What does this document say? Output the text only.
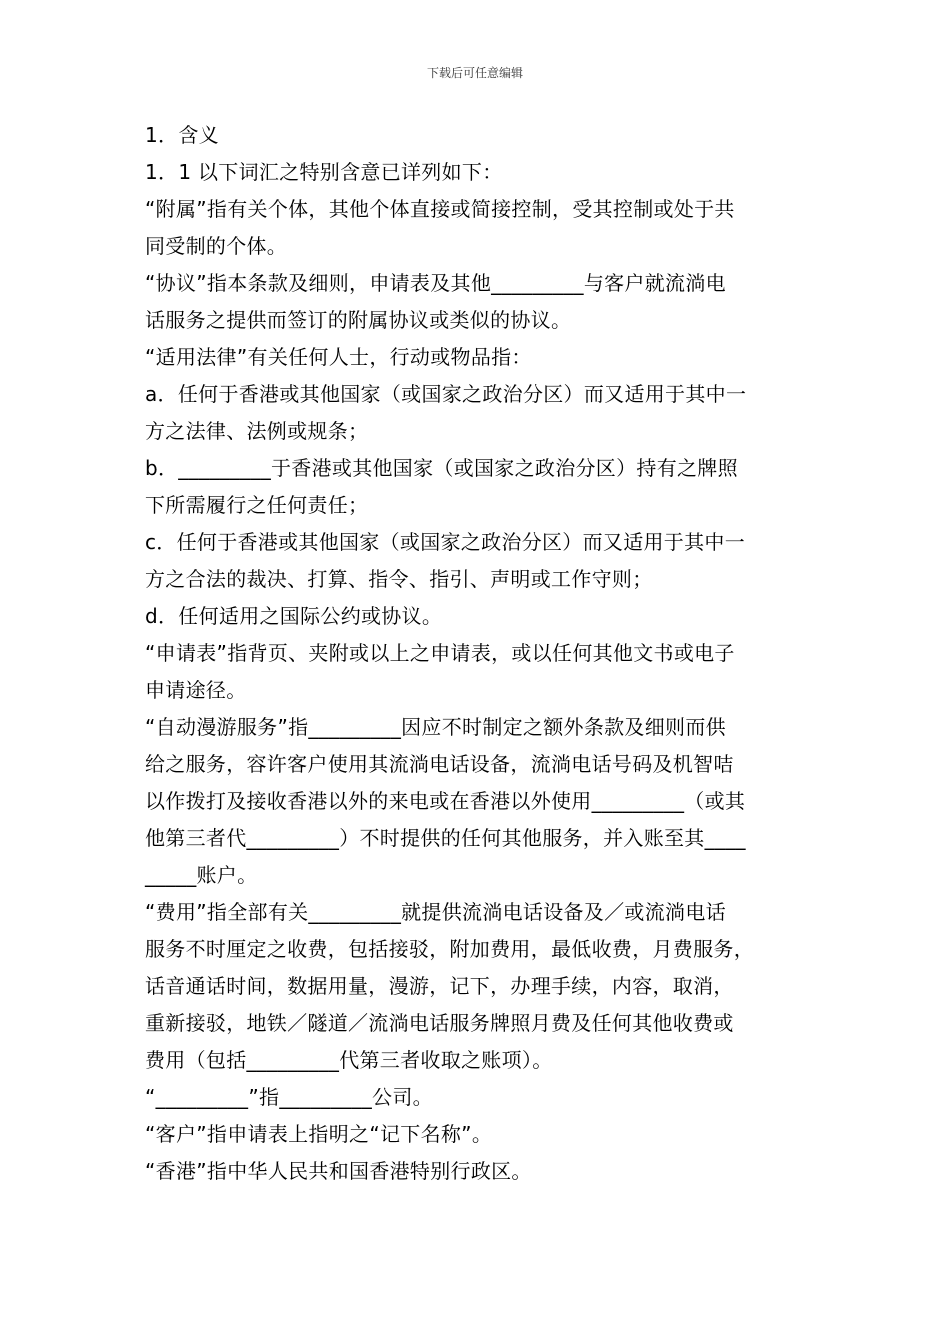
下载后可任意编辑
1．含义
1．1 以下词汇之特别含意已详列如下：
“附属”指有关个体，其他个体直接或简接控制，受其控制或处于共
同受制的个体。
“协议”指本条款及细则，申请表及其他_________与客户就流淌电
话服务之提供而签订的附属协议或类似的协议。
“适用法律”有关任何人士，行动或物品指：
a．任何于香港或其他国家（或国家之政治分区）而又适用于其中一
方之法律、法例或规条；
b．_________于香港或其他国家（或国家之政治分区）持有之牌照
下所需履行之任何责任；
c．任何于香港或其他国家（或国家之政治分区）而又适用于其中一
方之合法的裁决、打算、指令、指引、声明或工作守则；
d．任何适用之国际公约或协议。
“申请表”指背页、夹附或以上之申请表，或以任何其他文书或电子
申请途径。
“自动漫游服务”指_________因应不时制定之额外条款及细则而供
给之服务，容许客户使用其流淌电话设备，流淌电话号码及机智咭
以作拨打及接收香港以外的来电或在香港以外使用_________（或其
他第三者代_________）不时提供的任何其他服务，并入账至其____
_____账户。
“费用”指全部有关_________就提供流淌电话设备及／或流淌电话
服务不时厘定之收费，包括接驳，附加费用，最低收费，月费服务，
话音通话时间，数据用量，漫游，记下，办理手续，内容，取消，
重新接驳，地铁／隧道／流淌电话服务牌照月费及任何其他收费或
费用（包括_________代第三者收取之账项）。
“_________”指_________公司。
“客户”指申请表上指明之“记下名称”。
“香港”指中华人民共和国香港特别行政区。
